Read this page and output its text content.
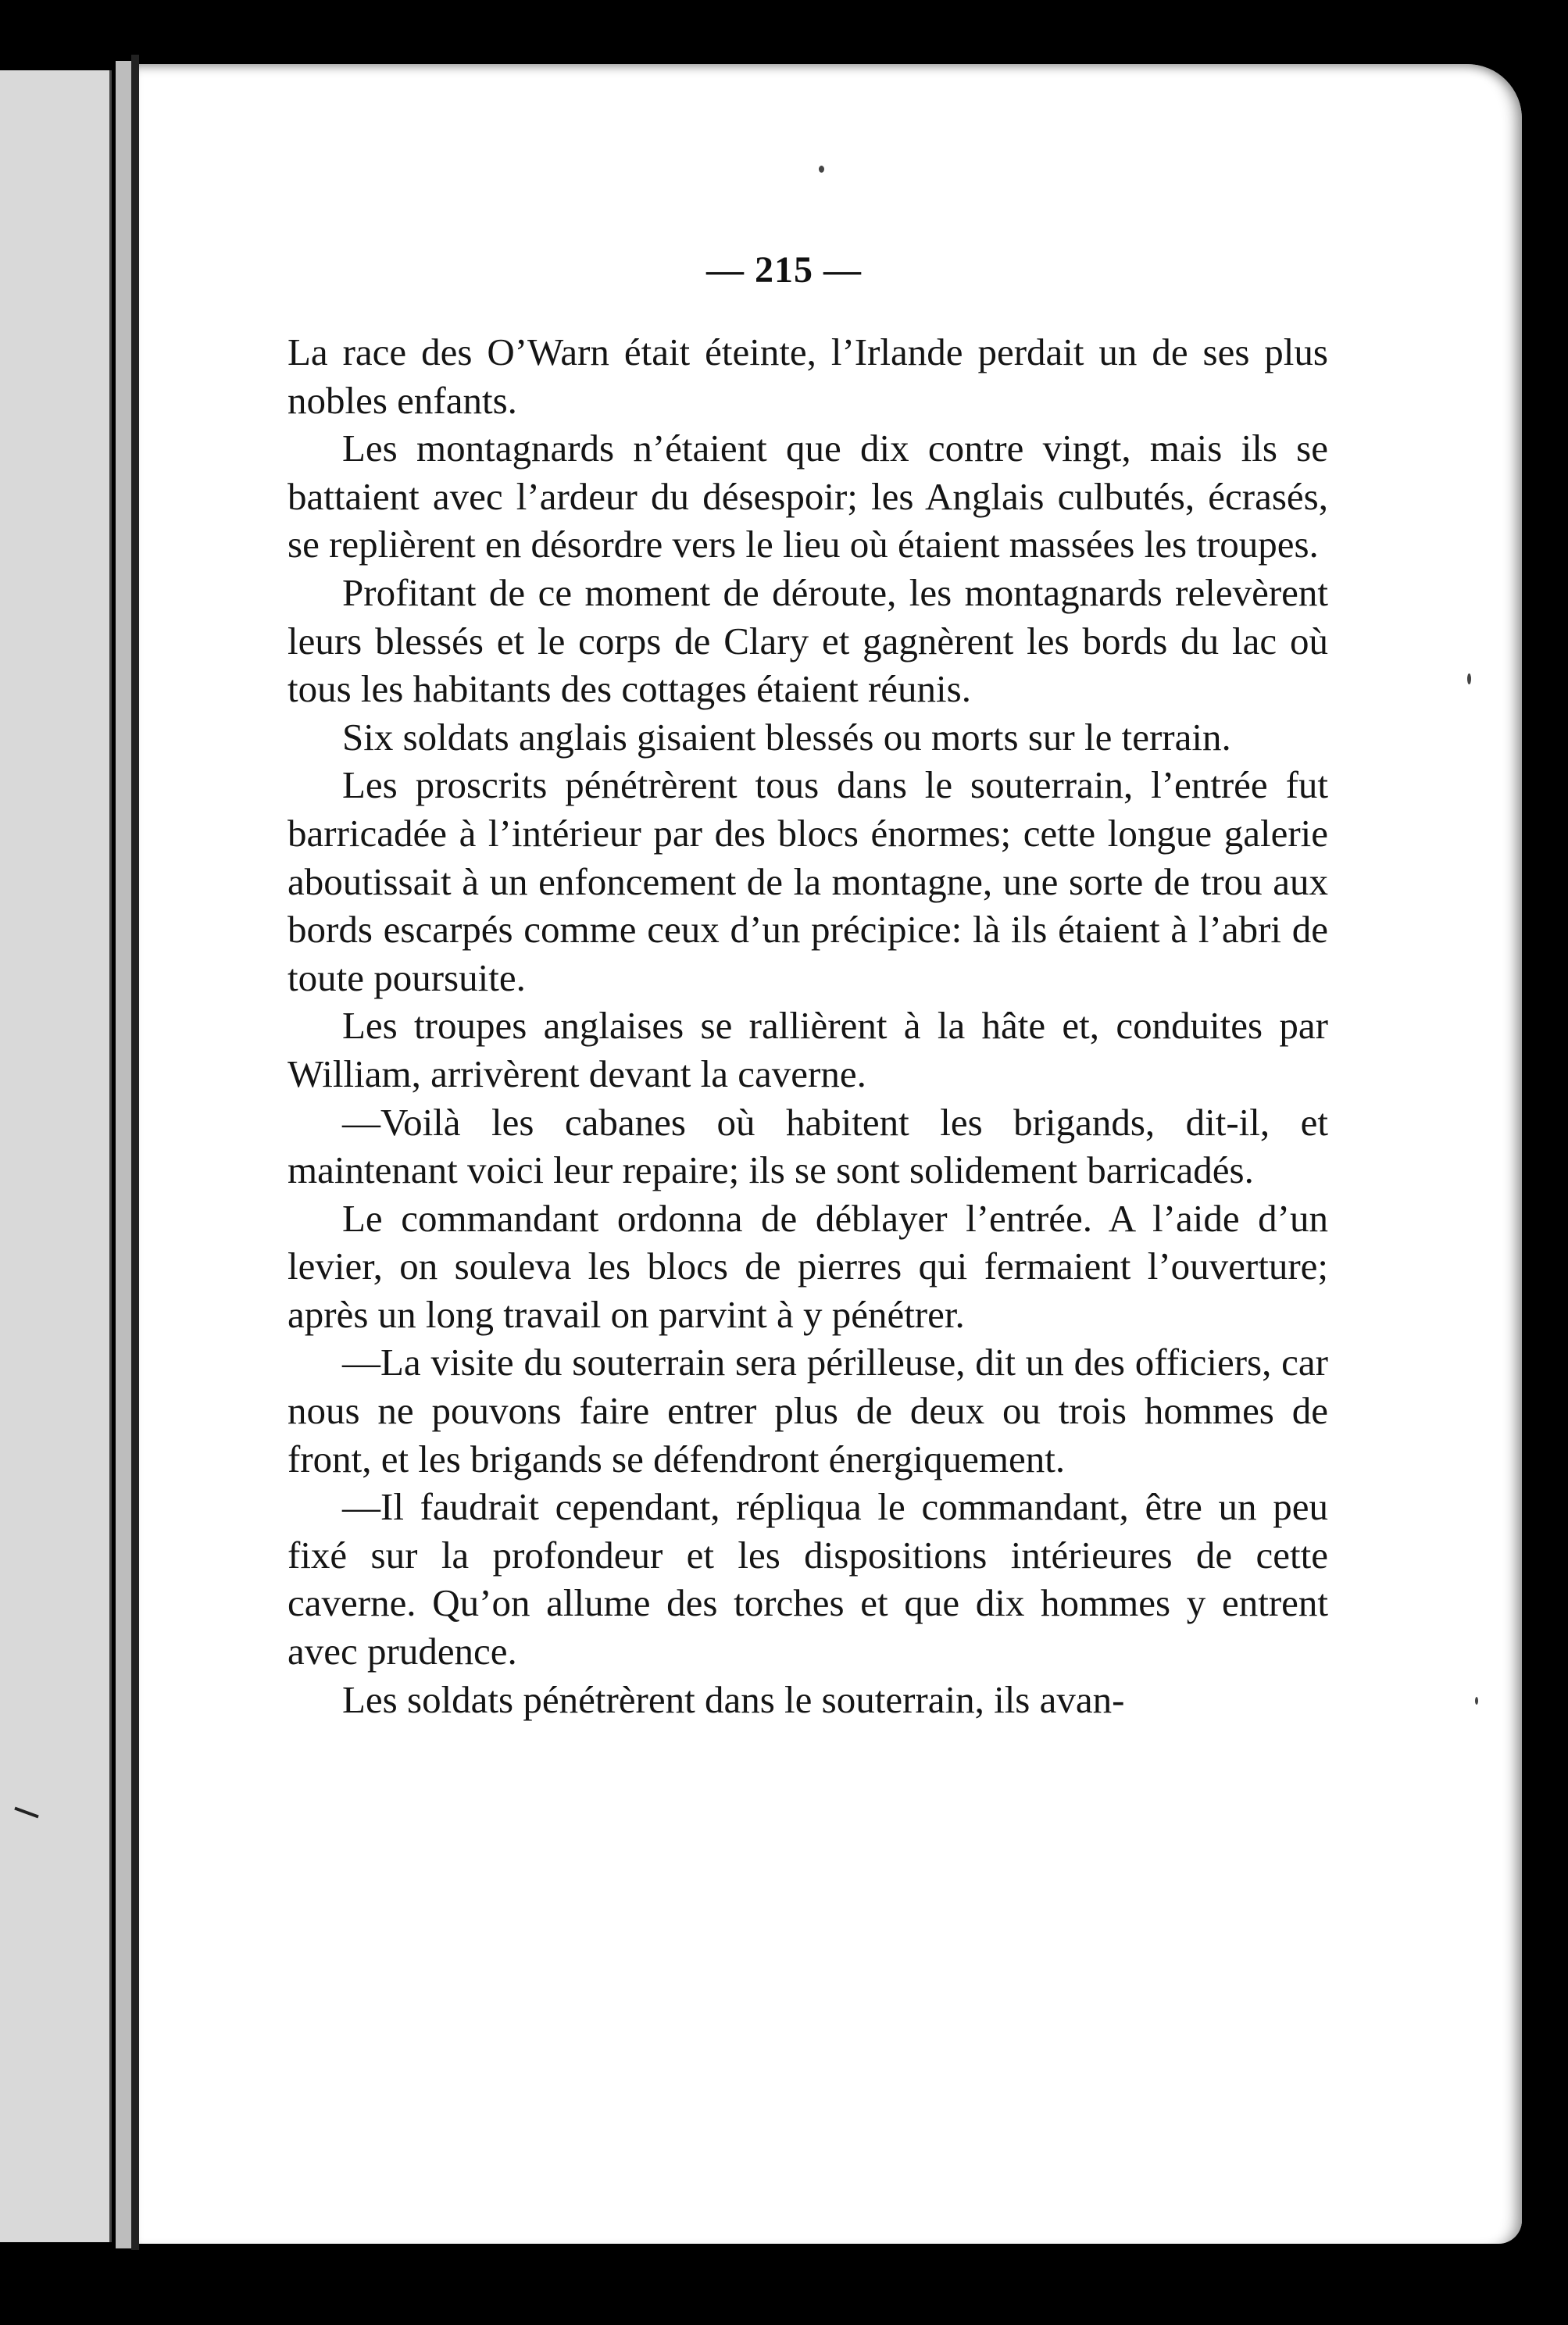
— 215 —

La race des O’Warn était éteinte, l’Irlande perdait un de ses plus nobles enfants.

Les montagnards n’étaient que dix contre vingt, mais ils se battaient avec l’ardeur du désespoir; les Anglais culbutés, écrasés, se replièrent en désordre vers le lieu où étaient massées les troupes.

Profitant de ce moment de déroute, les montagnards relevèrent leurs blessés et le corps de Clary et gagnèrent les bords du lac où tous les habitants des cottages étaient réunis.

Six soldats anglais gisaient blessés ou morts sur le terrain.

Les proscrits pénétrèrent tous dans le souterrain, l’entrée fut barricadée à l’intérieur par des blocs énormes; cette longue galerie aboutissait à un enfoncement de la montagne, une sorte de trou aux bords escarpés comme ceux d’un précipice: là ils étaient à l’abri de toute poursuite.

Les troupes anglaises se rallièrent à la hâte et, conduites par William, arrivèrent devant la caverne.

—Voilà les cabanes où habitent les brigands, dit-il, et maintenant voici leur repaire; ils se sont solidement barricadés.

Le commandant ordonna de déblayer l’entrée. A l’aide d’un levier, on souleva les blocs de pierres qui fermaient l’ouverture; après un long travail on parvint à y pénétrer.

—La visite du souterrain sera périlleuse, dit un des officiers, car nous ne pouvons faire entrer plus de deux ou trois hommes de front, et les brigands se défendront énergiquement.

—Il faudrait cependant, répliqua le commandant, être un peu fixé sur la profondeur et les dispositions intérieures de cette caverne. Qu’on allume des torches et que dix hommes y entrent avec prudence.

Les soldats pénétrèrent dans le souterrain, ils avan-
